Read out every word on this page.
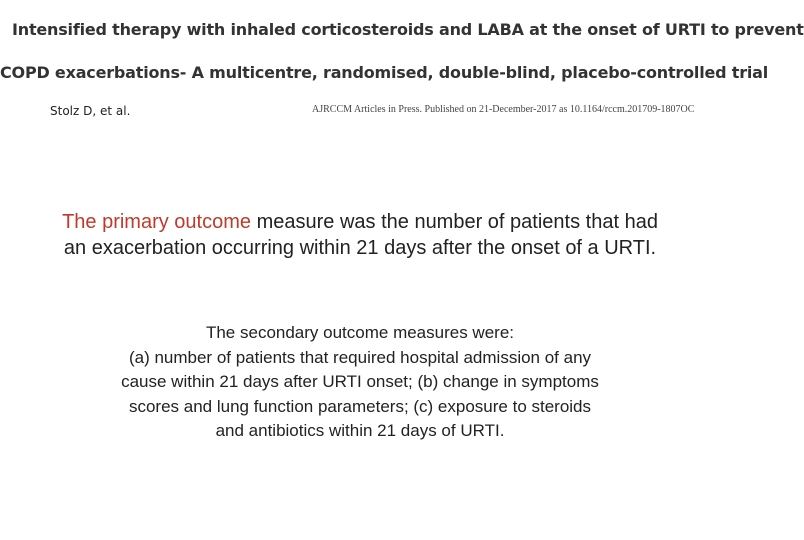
Intensified therapy with inhaled corticosteroids and LABA at the onset of URTI to prevent
COPD exacerbations- A multicentre, randomised, double-blind, placebo-controlled trial
Stolz D, et al.	AJRCCM Articles in Press. Published on 21-December-2017 as 10.1164/rccm.201709-1807OC
The primary outcome measure was the number of patients that had an exacerbation occurring within 21 days after the onset of a URTI.
The secondary outcome measures were:
(a) number of patients that required hospital admission of any
cause within 21 days after URTI onset; (b) change in symptoms
scores and lung function parameters; (c) exposure to steroids
and antibiotics within 21 days of URTI.
